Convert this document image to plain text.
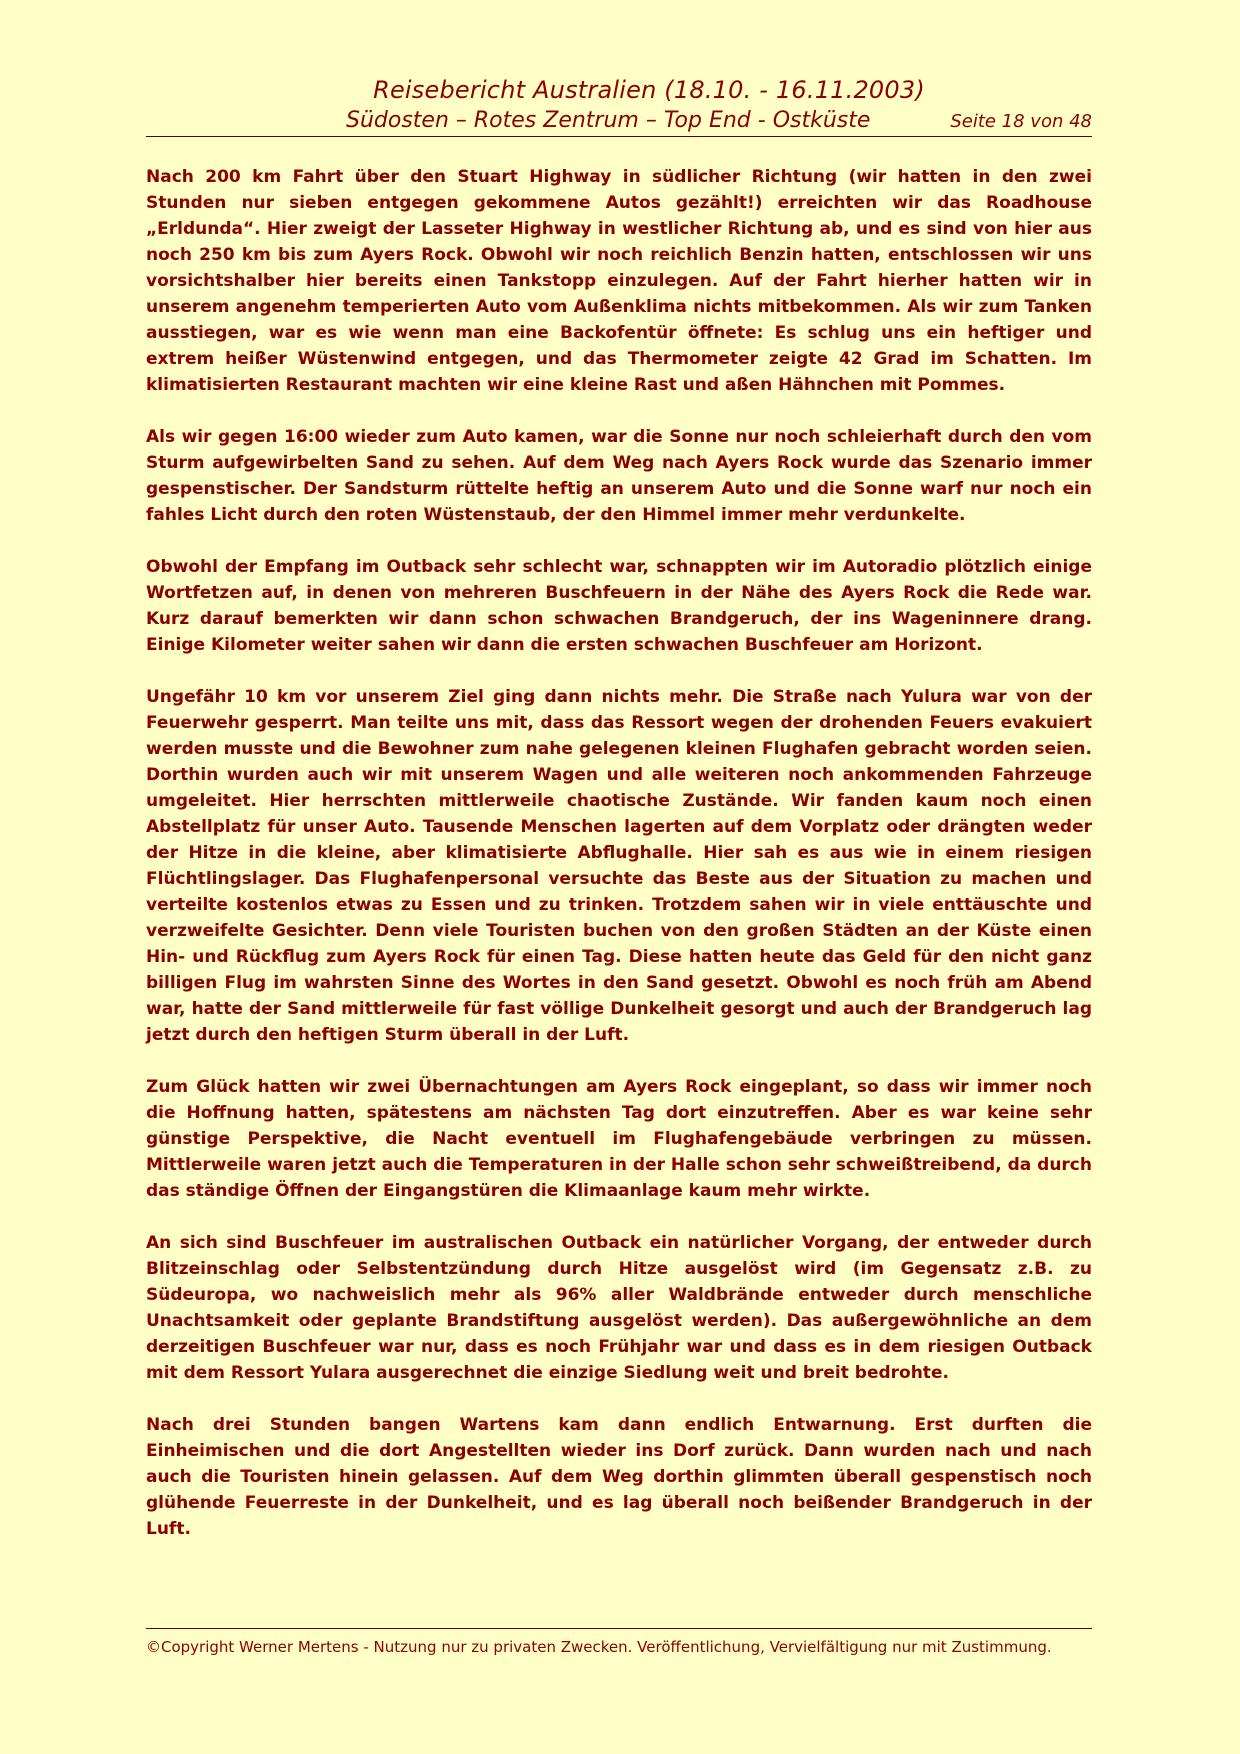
Reisebericht Australien (18.10. - 16.11.2003)
Südosten – Rotes Zentrum – Top End - Ostküste	Seite 18 von 48

Nach 200 km Fahrt über den Stuart Highway in südlicher Richtung (wir hatten in den zwei Stunden nur sieben entgegen gekommene Autos gezählt!) erreichten wir das Roadhouse „Erldunda“. Hier zweigt der Lasseter Highway in westlicher Richtung ab, und es sind von hier aus noch 250 km bis zum Ayers Rock. Obwohl wir noch reichlich Benzin hatten, entschlossen wir uns vorsichtshalber hier bereits einen Tankstopp einzulegen. Auf der Fahrt hierher hatten wir in unserem angenehm temperierten Auto vom Außenklima nichts mitbekommen. Als wir zum Tanken ausstiegen, war es wie wenn man eine Backofentür öffnete: Es schlug uns ein heftiger und extrem heißer Wüstenwind entgegen, und das Thermometer zeigte 42 Grad im Schatten. Im klimatisierten Restaurant machten wir eine kleine Rast und aßen Hähnchen mit Pommes.

Als wir gegen 16:00 wieder zum Auto kamen, war die Sonne nur noch schleierhaft durch den vom Sturm aufgewirbelten Sand zu sehen. Auf dem Weg nach Ayers Rock wurde das Szenario immer gespenstischer. Der Sandsturm rüttelte heftig an unserem Auto und die Sonne warf nur noch ein fahles Licht durch den roten Wüstenstaub, der den Himmel immer mehr verdunkelte.

Obwohl der Empfang im Outback sehr schlecht war, schnappten wir im Autoradio plötzlich einige Wortfetzen auf, in denen von mehreren Buschfeuern in der Nähe des Ayers Rock die Rede war. Kurz darauf bemerkten wir dann schon schwachen Brandgeruch, der ins Wageninnere drang. Einige Kilometer weiter sahen wir dann die ersten schwachen Buschfeuer am Horizont.

Ungefähr 10 km vor unserem Ziel ging dann nichts mehr. Die Straße nach Yulura war von der Feuerwehr gesperrt. Man teilte uns mit, dass das Ressort wegen der drohenden Feuers evakuiert werden musste und die Bewohner zum nahe gelegenen kleinen Flughafen gebracht worden seien. Dorthin wurden auch wir mit unserem Wagen und alle weiteren noch ankommenden Fahrzeuge umgeleitet. Hier herrschten mittlerweile chaotische Zustände. Wir fanden kaum noch einen Abstellplatz für unser Auto. Tausende Menschen lagerten auf dem Vorplatz oder drängten weder der Hitze in die kleine, aber klimatisierte Abflughalle. Hier sah es aus wie in einem riesigen Flüchtlingslager. Das Flughafenpersonal versuchte das Beste aus der Situation zu machen und verteilte kostenlos etwas zu Essen und zu trinken. Trotzdem sahen wir in viele enttäuschte und verzweifelte Gesichter. Denn viele Touristen buchen von den großen Städten an der Küste einen Hin- und Rückflug zum Ayers Rock für einen Tag. Diese hatten heute das Geld für den nicht ganz billigen Flug im wahrsten Sinne des Wortes in den Sand gesetzt. Obwohl es noch früh am Abend war, hatte der Sand mittlerweile für fast völlige Dunkelheit gesorgt und auch der Brandgeruch lag jetzt durch den heftigen Sturm überall in der Luft.

Zum Glück hatten wir zwei Übernachtungen am Ayers Rock eingeplant, so dass wir immer noch die Hoffnung hatten, spätestens am nächsten Tag dort einzutreffen. Aber es war keine sehr günstige Perspektive, die Nacht eventuell im Flughafengebäude verbringen zu müssen. Mittlerweile waren jetzt auch die Temperaturen in der Halle schon sehr schweißtreibend, da durch das ständige Öffnen der Eingangstüren die Klimaanlage kaum mehr wirkte.

An sich sind Buschfeuer im australischen Outback ein natürlicher Vorgang, der entweder durch Blitzeinschlag oder Selbstentzündung durch Hitze ausgelöst wird (im Gegensatz z.B. zu Südeuropa, wo nachweislich mehr als 96% aller Waldbrände entweder durch menschliche Unachtsamkeit oder geplante Brandstiftung ausgelöst werden). Das außergewöhnliche an dem derzeitigen Buschfeuer war nur, dass es noch Frühjahr war und dass es in dem riesigen Outback mit dem Ressort Yulara ausgerechnet die einzige Siedlung weit und breit bedrohte.

Nach drei Stunden bangen Wartens kam dann endlich Entwarnung. Erst durften die Einheimischen und die dort Angestellten wieder ins Dorf zurück. Dann wurden nach und nach auch die Touristen hinein gelassen. Auf dem Weg dorthin glimmten überall gespenstisch noch glühende Feuerreste in der Dunkelheit, und es lag überall noch beißender Brandgeruch in der Luft.

©Copyright Werner Mertens - Nutzung nur zu privaten Zwecken. Veröffentlichung, Vervielfältigung nur mit Zustimmung.
